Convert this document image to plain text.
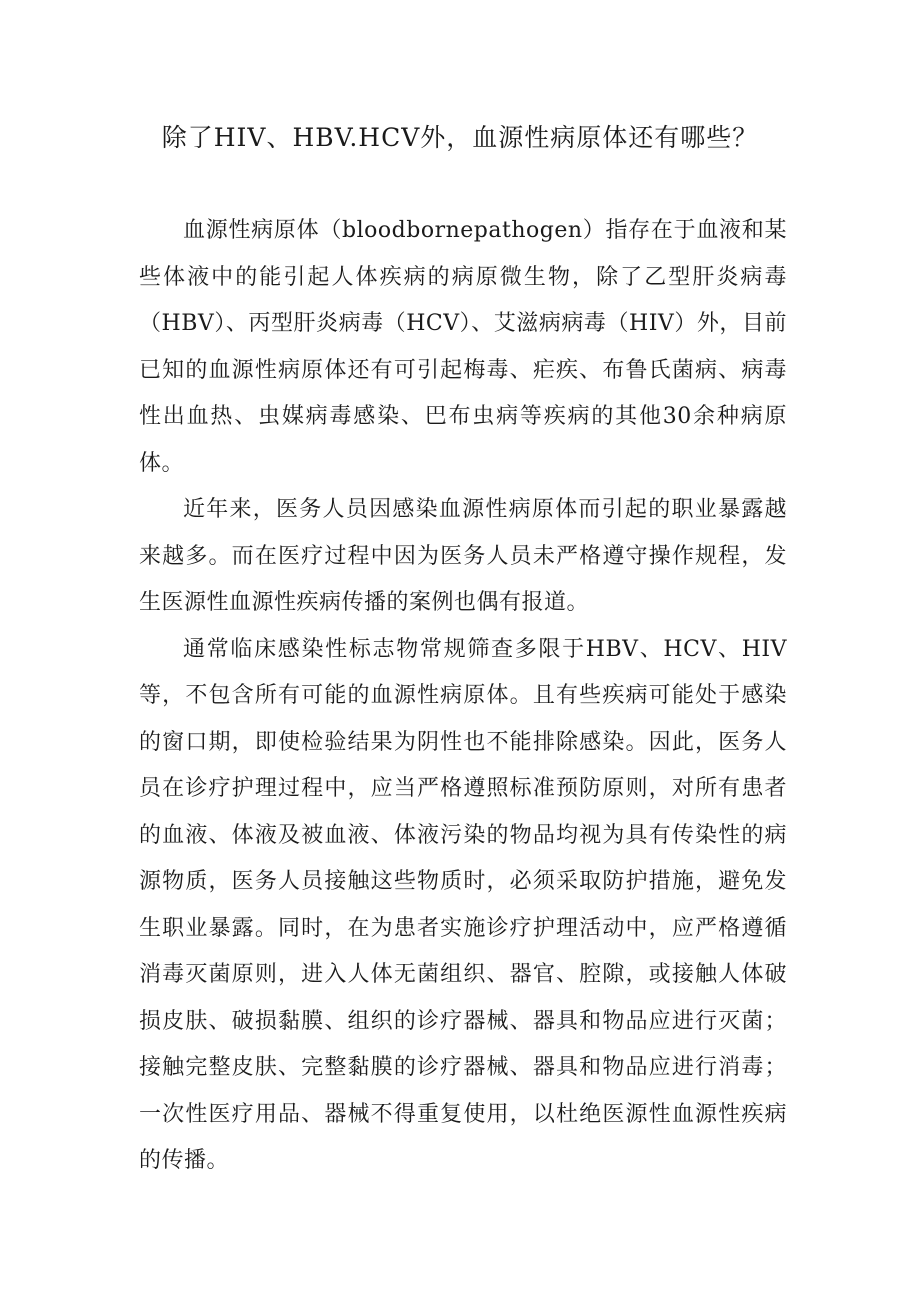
除了HIV、HBV.HCV外，血源性病原体还有哪些？

血源性病原体（bloodbornepathogen）指存在于血液和某些体液中的能引起人体疾病的病原微生物，除了乙型肝炎病毒（HBV）、丙型肝炎病毒（HCV）、艾滋病病毒（HIV）外，目前已知的血源性病原体还有可引起梅毒、疟疾、布鲁氏菌病、病毒性出血热、虫媒病毒感染、巴布虫病等疾病的其他30余种病原体。

近年来，医务人员因感染血源性病原体而引起的职业暴露越来越多。而在医疗过程中因为医务人员未严格遵守操作规程，发生医源性血源性疾病传播的案例也偶有报道。

通常临床感染性标志物常规筛查多限于HBV、HCV、HIV等，不包含所有可能的血源性病原体。且有些疾病可能处于感染的窗口期，即使检验结果为阴性也不能排除感染。因此，医务人员在诊疗护理过程中，应当严格遵照标准预防原则，对所有患者的血液、体液及被血液、体液污染的物品均视为具有传染性的病源物质，医务人员接触这些物质时，必须采取防护措施，避免发生职业暴露。同时，在为患者实施诊疗护理活动中，应严格遵循消毒灭菌原则，进入人体无菌组织、器官、腔隙，或接触人体破损皮肤、破损黏膜、组织的诊疗器械、器具和物品应进行灭菌；接触完整皮肤、完整黏膜的诊疗器械、器具和物品应进行消毒；一次性医疗用品、器械不得重复使用，以杜绝医源性血源性疾病的传播。
